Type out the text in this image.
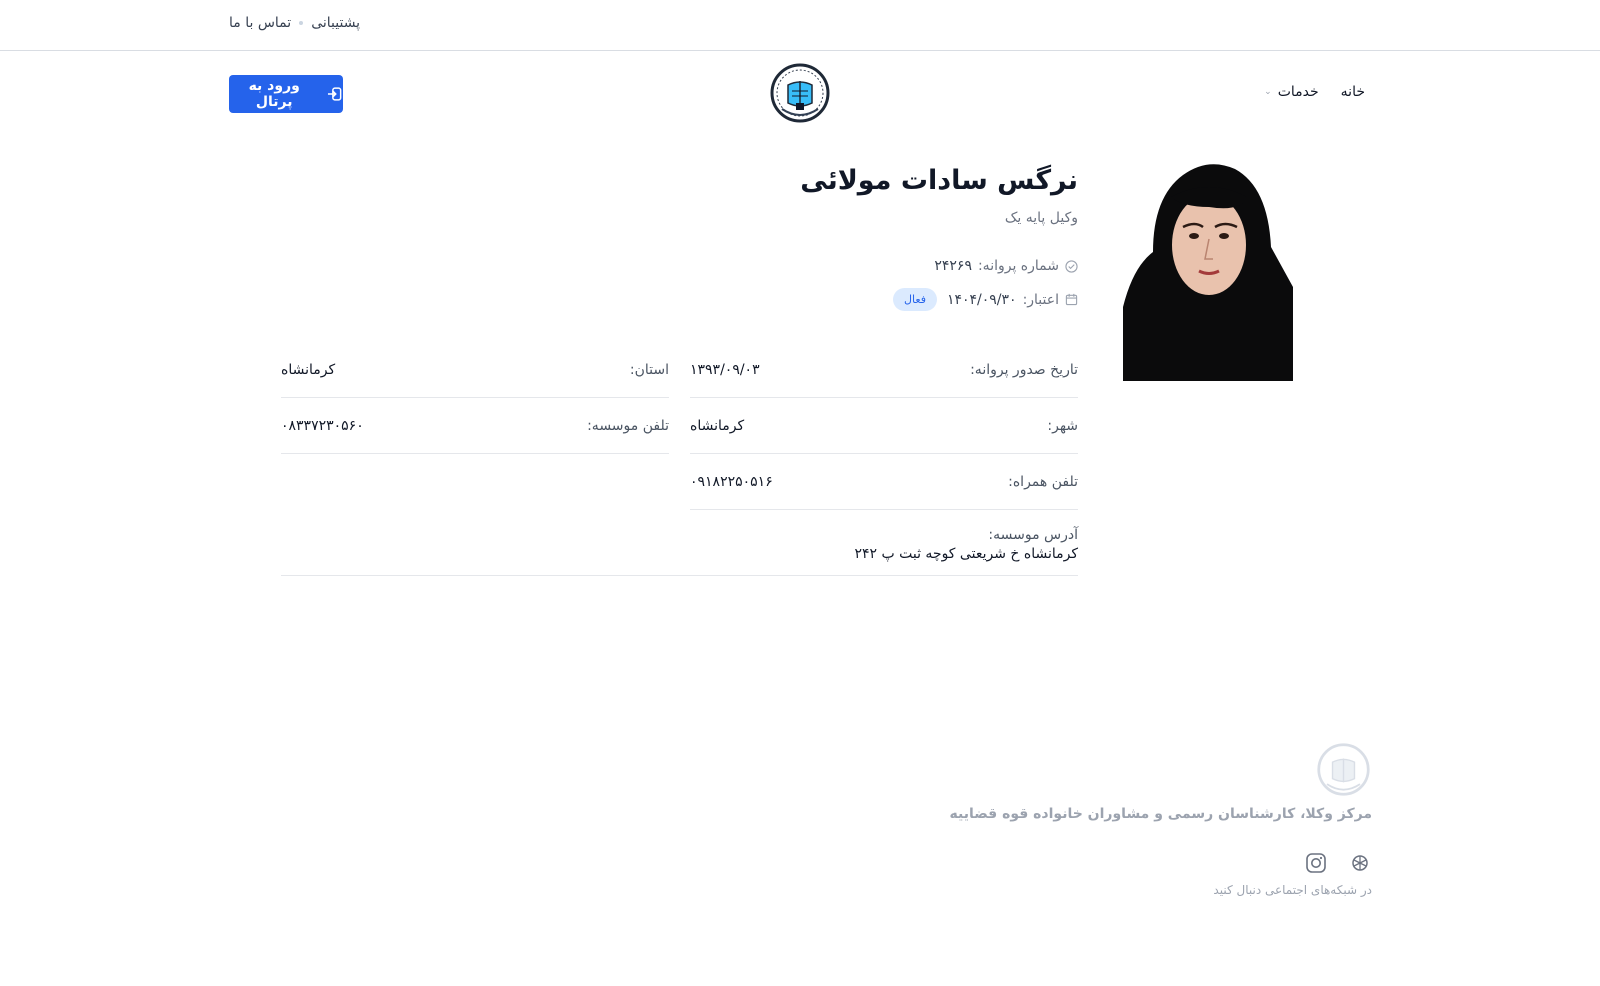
پشتیبانی
تماس با ما
خانه
خدمات
⌄
ورود به پرتال
نرگس سادات مولائی
وکیل پایه یک
شماره پروانه:
۲۴۲۶۹
اعتبار:
۱۴۰۴/۰۹/۳۰
فعال
تاریخ صدور پروانه:
۱۳۹۳/۰۹/۰۳
استان:
کرمانشاه
شهر:
کرمانشاه
تلفن موسسه:
۰۸۳۳۷۲۳۰۵۶۰
تلفن همراه:
۰۹۱۸۲۲۵۰۵۱۶
آدرس موسسه:
کرمانشاه خ شریعتی کوچه ثبت پ ۲۴۲
مرکز وکلا، کارشناسان رسمی و مشاوران خانواده قوه قضاییه
در شبکه‌های اجتماعی دنبال کنید
